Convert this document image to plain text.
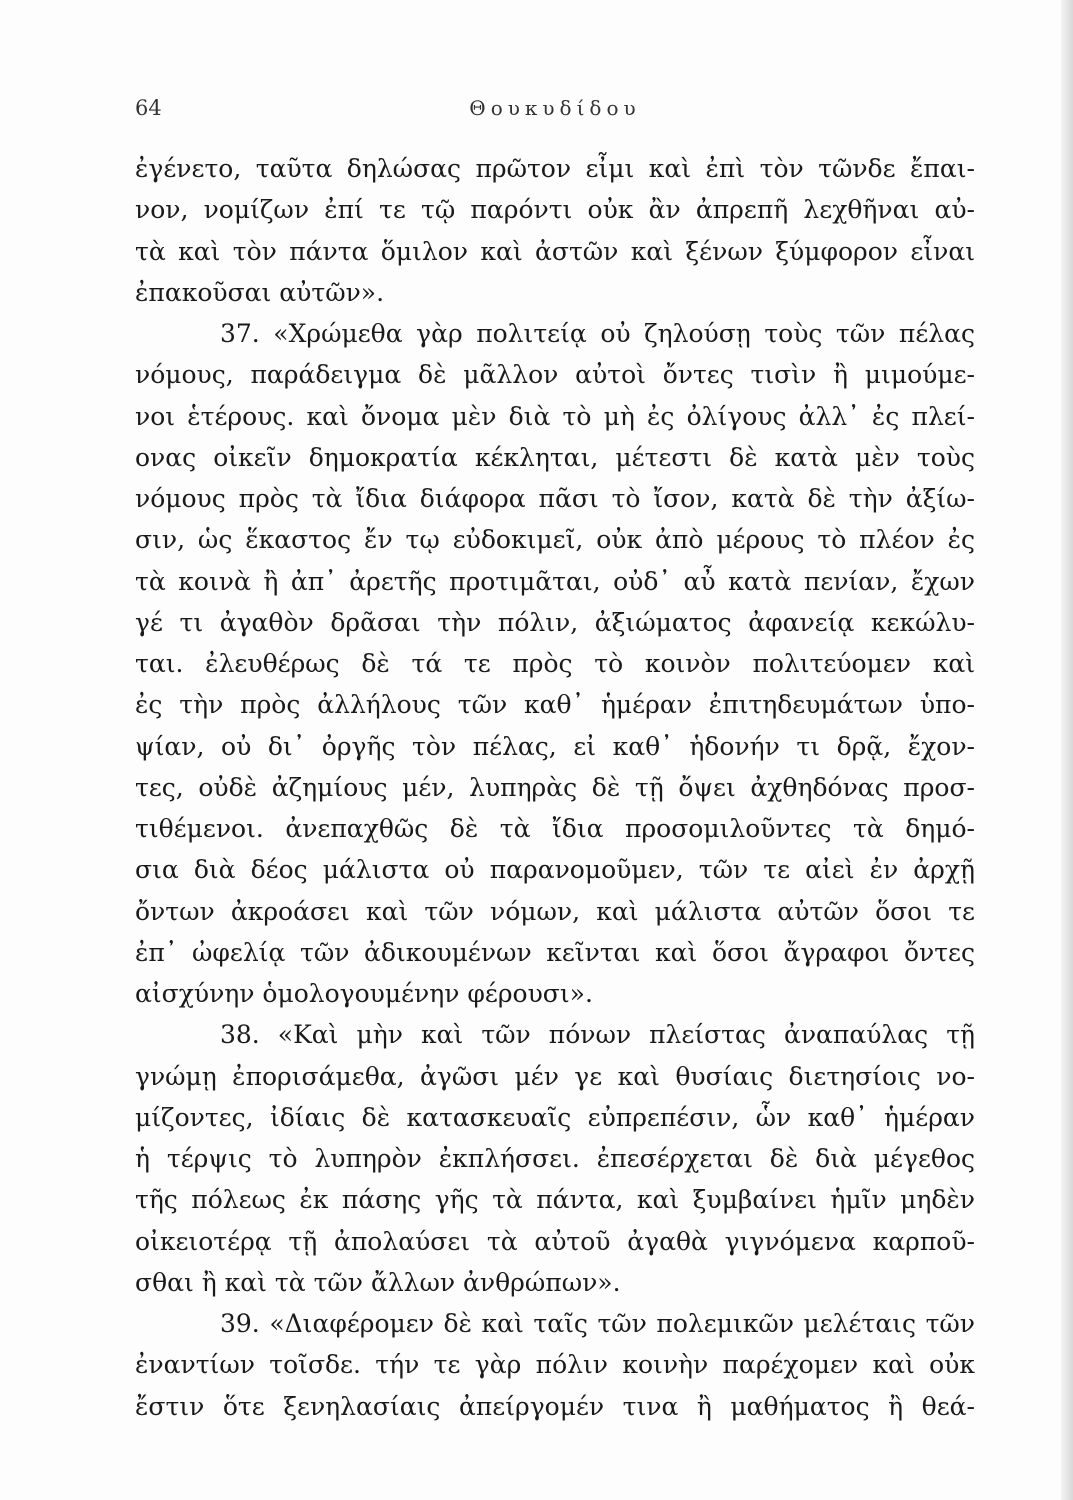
64	Θουκυδίδου
ἐγένετο, ταῦτα δηλώσας πρῶτον εἶμι καὶ ἐπὶ τὸν τῶνδε ἔπαι-
νον, νομίζων ἐπί τε τῷ παρόντι οὐκ ἂν ἀπρεπῆ λεχθῆναι αὐ-
τὰ καὶ τὸν πάντα ὅμιλον καὶ ἀστῶν καὶ ξένων ξύμφορον εἶναι
ἐπακοῦσαι αὐτῶν».
37. «Χρώμεθα γὰρ πολιτείᾳ οὐ ζηλούσῃ τοὺς τῶν πέλας
νόμους, παράδειγμα δὲ μᾶλλον αὐτοὶ ὄντες τισὶν ἢ μιμούμε-
νοι ἑτέρους. καὶ ὄνομα μὲν διὰ τὸ μὴ ἐς ὀλίγους ἀλλ᾽ ἐς πλεί-
ονας οἰκεῖν δημοκρατία κέκληται, μέτεστι δὲ κατὰ μὲν τοὺς
νόμους πρὸς τὰ ἴδια διάφορα πᾶσι τὸ ἴσον, κατὰ δὲ τὴν ἀξίω-
σιν, ὡς ἕκαστος ἔν τῳ εὐδοκιμεῖ, οὐκ ἀπὸ μέρους τὸ πλέον ἐς
τὰ κοινὰ ἢ ἀπ᾽ ἀρετῆς προτιμᾶται, οὐδ᾽ αὖ κατὰ πενίαν, ἔχων
γέ τι ἀγαθὸν δρᾶσαι τὴν πόλιν, ἀξιώματος ἀφανείᾳ κεκώλυ-
ται. ἐλευθέρως δὲ τά τε πρὸς τὸ κοινὸν πολιτεύομεν καὶ
ἐς τὴν πρὸς ἀλλήλους τῶν καθ᾽ ἡμέραν ἐπιτηδευμάτων ὑπο-
ψίαν, οὐ δι᾽ ὀργῆς τὸν πέλας, εἰ καθ᾽ ἡδονήν τι δρᾷ, ἔχον-
τες, οὐδὲ ἀζημίους μέν, λυπηρὰς δὲ τῇ ὄψει ἀχθηδόνας προσ-
τιθέμενοι. ἀνεπαχθῶς δὲ τὰ ἴδια προσομιλοῦντες τὰ δημό-
σια διὰ δέος μάλιστα οὐ παρανομοῦμεν, τῶν τε αἰεὶ ἐν ἀρχῇ
ὄντων ἀκροάσει καὶ τῶν νόμων, καὶ μάλιστα αὐτῶν ὅσοι τε
ἐπ᾽ ὠφελίᾳ τῶν ἀδικουμένων κεῖνται καὶ ὅσοι ἄγραφοι ὄντες
αἰσχύνην ὁμολογουμένην φέρουσι».
38. «Καὶ μὴν καὶ τῶν πόνων πλείστας ἀναπαύλας τῇ
γνώμῃ ἐπορισάμεθα, ἀγῶσι μέν γε καὶ θυσίαις διετησίοις νο-
μίζοντες, ἰδίαις δὲ κατασκευαῖς εὐπρεπέσιν, ὧν καθ᾽ ἡμέραν
ἡ τέρψις τὸ λυπηρὸν ἐκπλήσσει. ἐπεσέρχεται δὲ διὰ μέγεθος
τῆς πόλεως ἐκ πάσης γῆς τὰ πάντα, καὶ ξυμβαίνει ἡμῖν μηδὲν
οἰκειοτέρᾳ τῇ ἀπολαύσει τὰ αὐτοῦ ἀγαθὰ γιγνόμενα καρποῦ-
σθαι ἢ καὶ τὰ τῶν ἄλλων ἀνθρώπων».
39. «Διαφέρομεν δὲ καὶ ταῖς τῶν πολεμικῶν μελέταις τῶν
ἐναντίων τοῖσδε. τήν τε γὰρ πόλιν κοινὴν παρέχομεν καὶ οὐκ
ἔστιν ὅτε ξενηλασίαις ἀπείργομέν τινα ἢ μαθήματος ἢ θεά-
